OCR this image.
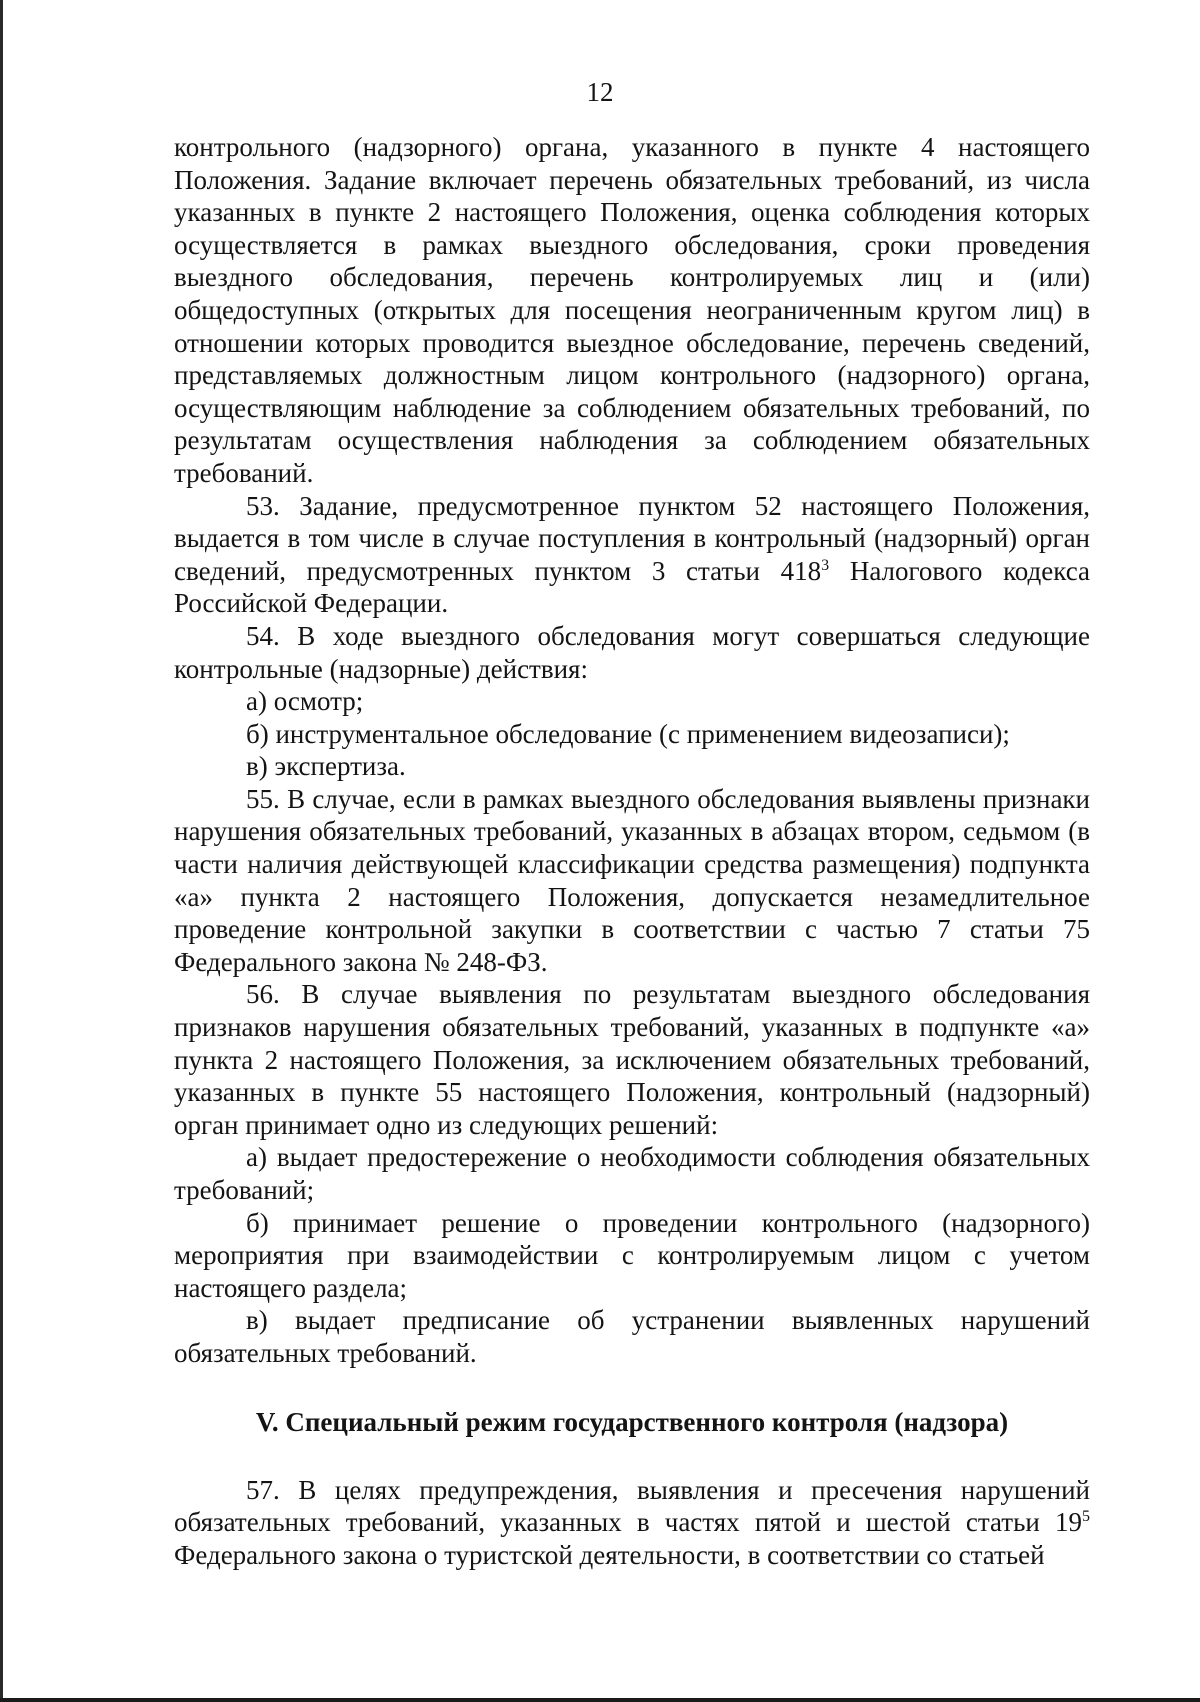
12

контрольного (надзорного) органа, указанного в пункте 4 настоящего Положения. Задание включает перечень обязательных требований, из числа указанных в пункте 2 настоящего Положения, оценка соблюдения которых осуществляется в рамках выездного обследования, сроки проведения выездного обследования, перечень контролируемых лиц и (или) общедоступных (открытых для посещения неограниченным кругом лиц) в отношении которых проводится выездное обследование, перечень сведений, представляемых должностным лицом контрольного (надзорного) органа, осуществляющим наблюдение за соблюдением обязательных требований, по результатам осуществления наблюдения за соблюдением обязательных требований.

53. Задание, предусмотренное пунктом 52 настоящего Положения, выдается в том числе в случае поступления в контрольный (надзорный) орган сведений, предусмотренных пунктом 3 статьи $418^3$ Налогового кодекса Российской Федерации.

54. В ходе выездного обследования могут совершаться следующие контрольные (надзорные) действия:

а) осмотр;

б) инструментальное обследование (с применением видеозаписи);

в) экспертиза.

55. В случае, если в рамках выездного обследования выявлены признаки нарушения обязательных требований, указанных в абзацах втором, седьмом (в части наличия действующей классификации средства размещения) подпункта «а» пункта 2 настоящего Положения, допускается незамедлительное проведение контрольной закупки в соответствии с частью 7 статьи 75 Федерального закона № 248-ФЗ.

56. В случае выявления по результатам выездного обследования признаков нарушения обязательных требований, указанных в подпункте «а» пункта 2 настоящего Положения, за исключением обязательных требований, указанных в пункте 55 настоящего Положения, контрольный (надзорный) орган принимает одно из следующих решений:

а) выдает предостережение о необходимости соблюдения обязательных требований;

б) принимает решение о проведении контрольного (надзорного) мероприятия при взаимодействии с контролируемым лицом с учетом настоящего раздела;

в) выдает предписание об устранении выявленных нарушений обязательных требований.

V. Специальный режим государственного контроля (надзора)

57. В целях предупреждения, выявления и пресечения нарушений обязательных требований, указанных в частях пятой и шестой статьи $19^5$ Федерального закона о туристской деятельности, в соответствии со статьей
